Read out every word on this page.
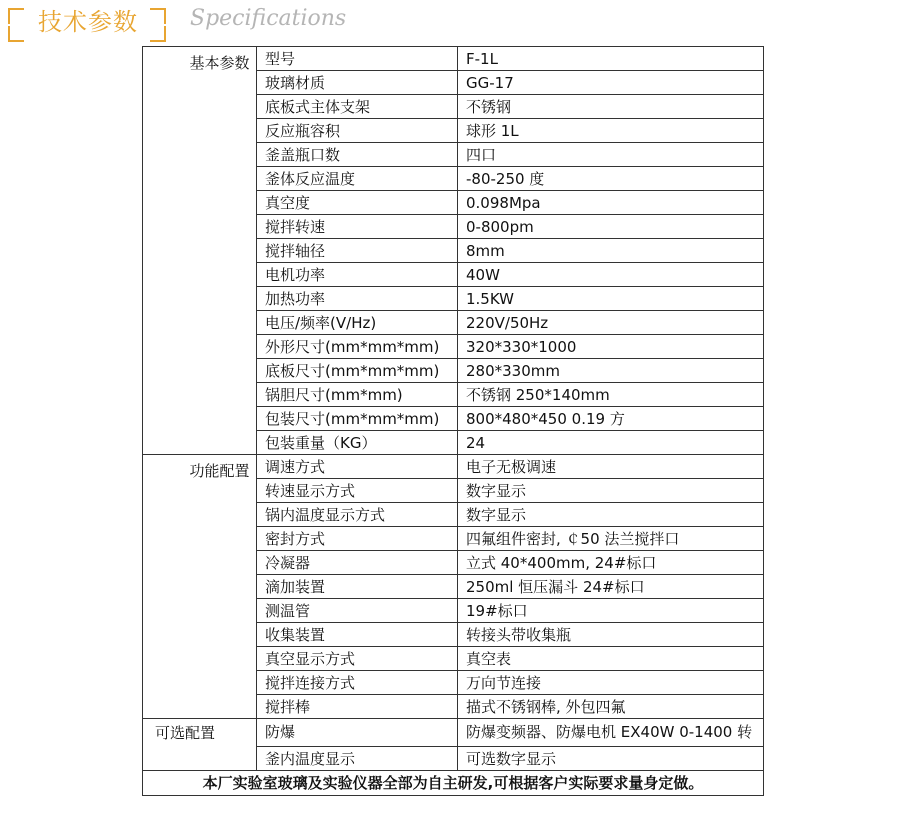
技术参数	Specifications
基本参数	型号	F-1L
	玻璃材质	GG-17
	底板式主体支架	不锈钢
	反应瓶容积	球形 1L
	釜盖瓶口数	四口
	釜体反应温度	-80-250 度
	真空度	0.098Mpa
	搅拌转速	0-800pm
	搅拌轴径	8mm
	电机功率	40W
	加热功率	1.5KW
	电压/频率(V/Hz)	220V/50Hz
	外形尺寸(mm*mm*mm)	320*330*1000
	底板尺寸(mm*mm*mm)	280*330mm
	锅胆尺寸(mm*mm)	不锈钢 250*140mm
	包装尺寸(mm*mm*mm)	800*480*450 0.19 方
	包装重量（KG）	24

功能配置	调速方式	电子无极调速
	转速显示方式	数字显示
	锅内温度显示方式	数字显示
	密封方式	四氟组件密封, ￠50 法兰搅拌口
	冷凝器	立式 40*400mm, 24#标口
	滴加装置	250ml 恒压漏斗 24#标口
	测温管	19#标口
	收集装置	转接头带收集瓶
	真空显示方式	真空表
	搅拌连接方式	万向节连接
	搅拌棒	描式不锈钢棒, 外包四氟
可选配置	防爆	防爆变频器、防爆电机 EX40W 0-1400 转
	釜内温度显示	可选数字显示
本厂实验室玻璃及实验仪器全部为自主研发,可根据客户实际要求量身定做。		
